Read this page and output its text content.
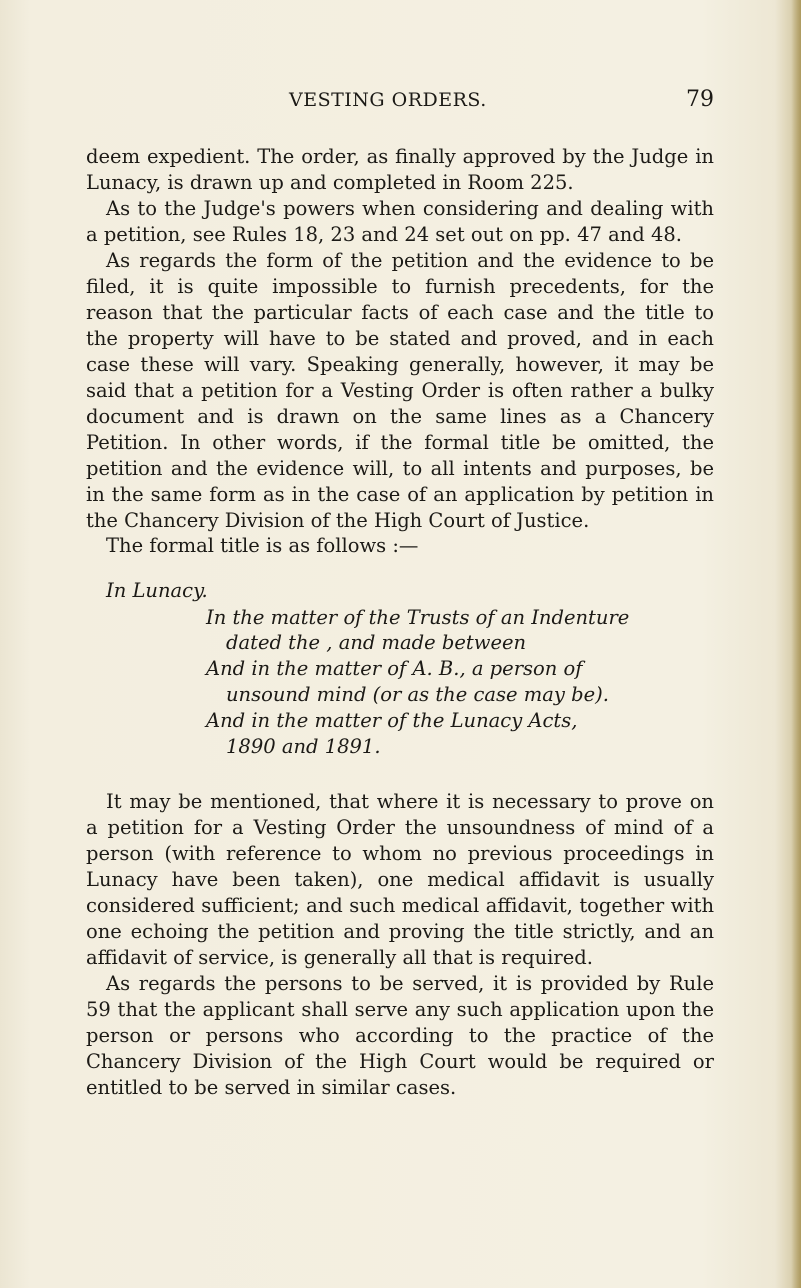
VESTING ORDERS.	79

deem expedient. The order, as finally approved by the Judge in Lunacy, is drawn up and completed in Room 225.

As to the Judge's powers when considering and dealing with a petition, see Rules 18, 23 and 24 set out on pp. 47 and 48.

As regards the form of the petition and the evidence to be filed, it is quite impossible to furnish precedents, for the reason that the particular facts of each case and the title to the property will have to be stated and proved, and in each case these will vary. Speaking generally, however, it may be said that a petition for a Vesting Order is often rather a bulky document and is drawn on the same lines as a Chancery Petition. In other words, if the formal title be omitted, the petition and the evidence will, to all intents and purposes, be in the same form as in the case of an application by petition in the Chancery Division of the High Court of Justice.

The formal title is as follows :—

In Lunacy.
In the matter of the Trusts of an Indenture
dated the , and made between
And in the matter of A. B., a person of
unsound mind (or as the case may be).
And in the matter of the Lunacy Acts,
1890 and 1891.

It may be mentioned, that where it is necessary to prove on a petition for a Vesting Order the unsoundness of mind of a person (with reference to whom no previous proceedings in Lunacy have been taken), one medical affidavit is usually considered sufficient; and such medical affidavit, together with one echoing the petition and proving the title strictly, and an affidavit of service, is generally all that is required.

As regards the persons to be served, it is provided by Rule 59 that the applicant shall serve any such application upon the person or persons who according to the practice of the Chancery Division of the High Court would be required or entitled to be served in similar cases.
